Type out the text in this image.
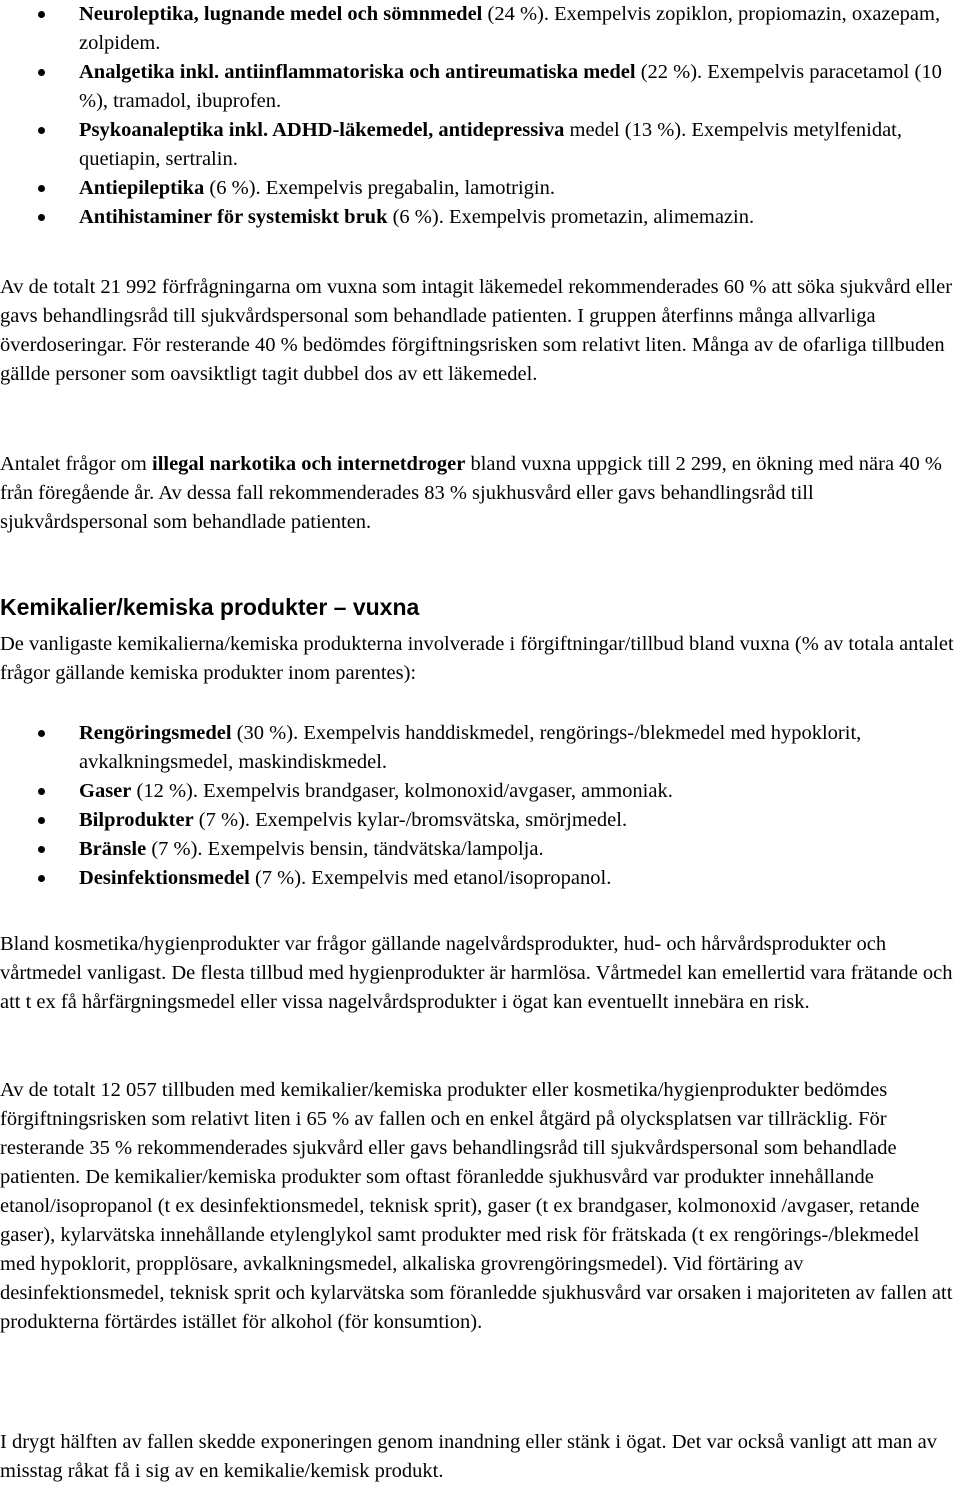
Neuroleptika, lugnande medel och sömnmedel (24 %). Exempelvis zopiklon, propiomazin, oxazepam, zolpidem.
Analgetika inkl. antiinflammatoriska och antireumatiska medel (22 %). Exempelvis paracetamol (10 %), tramadol, ibuprofen.
Psykoanaleptika inkl. ADHD-läkemedel, antidepressiva medel (13 %). Exempelvis metylfenidat, quetiapin, sertralin.
Antiepileptika (6 %). Exempelvis pregabalin, lamotrigin.
Antihistaminer för systemiskt bruk (6 %). Exempelvis prometazin, alimemazin.

Av de totalt 21 992 förfrågningarna om vuxna som intagit läkemedel rekommenderades 60 % att söka sjukvård eller gavs behandlingsråd till sjukvårdspersonal som behandlade patienten. I gruppen återfinns många allvarliga överdoseringar. För resterande 40 % bedömdes förgiftningsrisken som relativt liten. Många av de ofarliga tillbuden gällde personer som oavsiktligt tagit dubbel dos av ett läkemedel.

Antalet frågor om illegal narkotika och internetdroger bland vuxna uppgick till 2 299, en ökning med nära 40 % från föregående år. Av dessa fall rekommenderades 83 % sjukhusvård eller gavs behandlingsråd till sjukvårdspersonal som behandlade patienten.

Kemikalier/kemiska produkter – vuxna

De vanligaste kemikalierna/kemiska produkterna involverade i förgiftningar/tillbud bland vuxna (% av totala antalet frågor gällande kemiska produkter inom parentes):

Rengöringsmedel (30 %). Exempelvis handdiskmedel, rengörings-/blekmedel med hypoklorit, avkalkningsmedel, maskindiskmedel.
Gaser (12 %). Exempelvis brandgaser, kolmonoxid/avgaser, ammoniak.
Bilprodukter (7 %). Exempelvis kylar-/bromsvätska, smörjmedel.
Bränsle (7 %). Exempelvis bensin, tändvätska/lampolja.
Desinfektionsmedel (7 %). Exempelvis med etanol/isopropanol.

Bland kosmetika/hygienprodukter var frågor gällande nagelvårdsprodukter, hud- och hårvårdsprodukter och vårtmedel vanligast. De flesta tillbud med hygienprodukter är harmlösa. Vårtmedel kan emellertid vara frätande och att t ex få hårfärgningsmedel eller vissa nagelvårdsprodukter i ögat kan eventuellt innebära en risk.

Av de totalt 12 057 tillbuden med kemikalier/kemiska produkter eller kosmetika/hygienprodukter bedömdes förgiftningsrisken som relativt liten i 65 % av fallen och en enkel åtgärd på olycksplatsen var tillräcklig. För resterande 35 % rekommenderades sjukvård eller gavs behandlingsråd till sjukvårdspersonal som behandlade patienten. De kemikalier/kemiska produkter som oftast föranledde sjukhusvård var produkter innehållande etanol/isopropanol (t ex desinfektionsmedel, teknisk sprit), gaser (t ex brandgaser, kolmonoxid /avgaser, retande gaser), kylarvätska innehållande etylenglykol samt produkter med risk för frätskada (t ex rengörings-/blekmedel med hypoklorit, propplösare, avkalkningsmedel, alkaliska grovrengöringsmedel). Vid förtäring av desinfektionsmedel, teknisk sprit och kylarvätska som föranledde sjukhusvård var orsaken i majoriteten av fallen att produkterna förtärdes istället för alkohol (för konsumtion).

I drygt hälften av fallen skedde exponeringen genom inandning eller stänk i ögat. Det var också vanligt att man av misstag råkat få i sig av en kemikalie/kemisk produkt.
